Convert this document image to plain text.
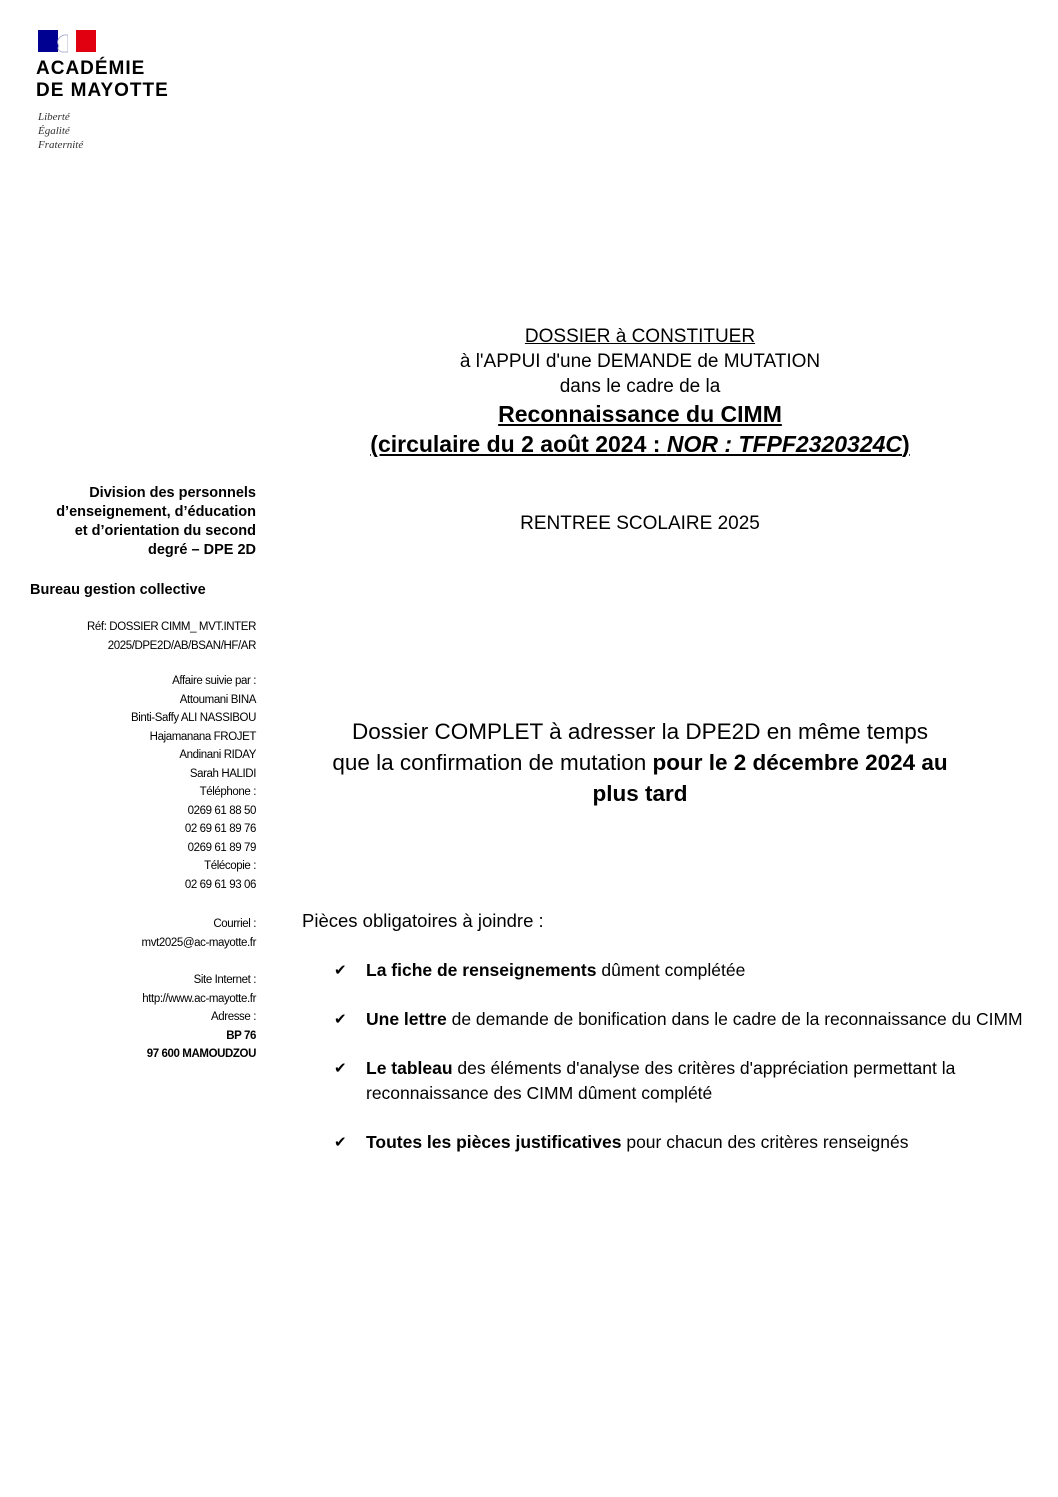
ACADÉMIE
DE MAYOTTE
Liberté
Égalité
Fraternité
DOSSIER à CONSTITUER
à l'APPUI d'une DEMANDE de MUTATION
dans le cadre de la
Reconnaissance du CIMM
(circulaire du 2 août 2024 : NOR : TFPF2320324C)
RENTREE SCOLAIRE 2025
Division des personnels
d’enseignement, d’éducation
et d’orientation du second
degré – DPE 2D
Bureau gestion collective
Réf: DOSSIER CIMM_ MVT.INTER
2025/DPE2D/AB/BSAN/HF/AR
Affaire suivie par :
Attoumani BINA
Binti-Saffy ALI NASSIBOU
Hajamanana FROJET
Andinani RIDAY
Sarah HALIDI
Téléphone :
0269 61 88 50
02 69 61 89 76
0269 61 89 79
Télécopie :
02 69 61 93 06
Courriel :
mvt2025@ac-mayotte.fr
Site Internet :
http://www.ac-mayotte.fr
Adresse :
BP 76
97 600 MAMOUDZOU
Dossier COMPLET à adresser la DPE2D en même temps
que la confirmation de mutation pour le 2 décembre 2024 au
plus tard
Pièces obligatoires à joindre :
✔	La fiche de renseignements dûment complétée
✔	Une lettre de demande de bonification dans le cadre de la reconnaissance du CIMM
✔	Le tableau des éléments d'analyse des critères d'appréciation permettant la reconnaissance des CIMM dûment complété
✔	Toutes les pièces justificatives pour chacun des critères renseignés
